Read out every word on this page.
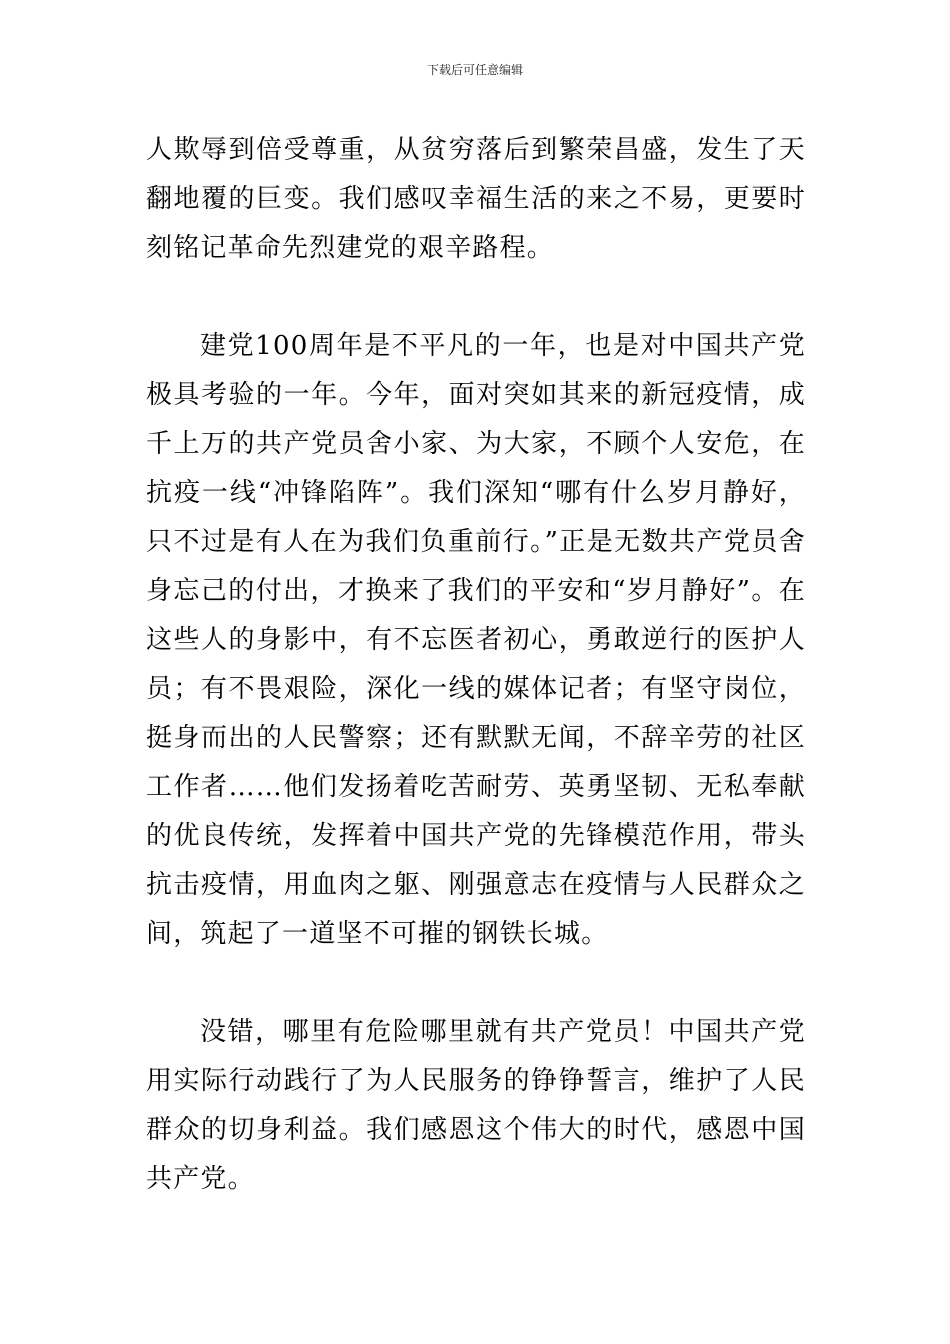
下载后可任意编辑

人欺辱到倍受尊重，从贫穷落后到繁荣昌盛，发生了天翻地覆的巨变。我们感叹幸福生活的来之不易，更要时刻铭记革命先烈建党的艰辛路程。

建党100周年是不平凡的一年，也是对中国共产党极具考验的一年。今年，面对突如其来的新冠疫情，成千上万的共产党员舍小家、为大家，不顾个人安危，在抗疫一线“冲锋陷阵”。我们深知“哪有什么岁月静好，只不过是有人在为我们负重前行。”正是无数共产党员舍身忘己的付出，才换来了我们的平安和“岁月静好”。在这些人的身影中，有不忘医者初心，勇敢逆行的医护人员；有不畏艰险，深化一线的媒体记者；有坚守岗位，挺身而出的人民警察；还有默默无闻，不辞辛劳的社区工作者……他们发扬着吃苦耐劳、英勇坚韧、无私奉献的优良传统，发挥着中国共产党的先锋模范作用，带头抗击疫情，用血肉之躯、刚强意志在疫情与人民群众之间，筑起了一道坚不可摧的钢铁长城。

没错，哪里有危险哪里就有共产党员！中国共产党用实际行动践行了为人民服务的铮铮誓言，维护了人民群众的切身利益。我们感恩这个伟大的时代，感恩中国共产党。
